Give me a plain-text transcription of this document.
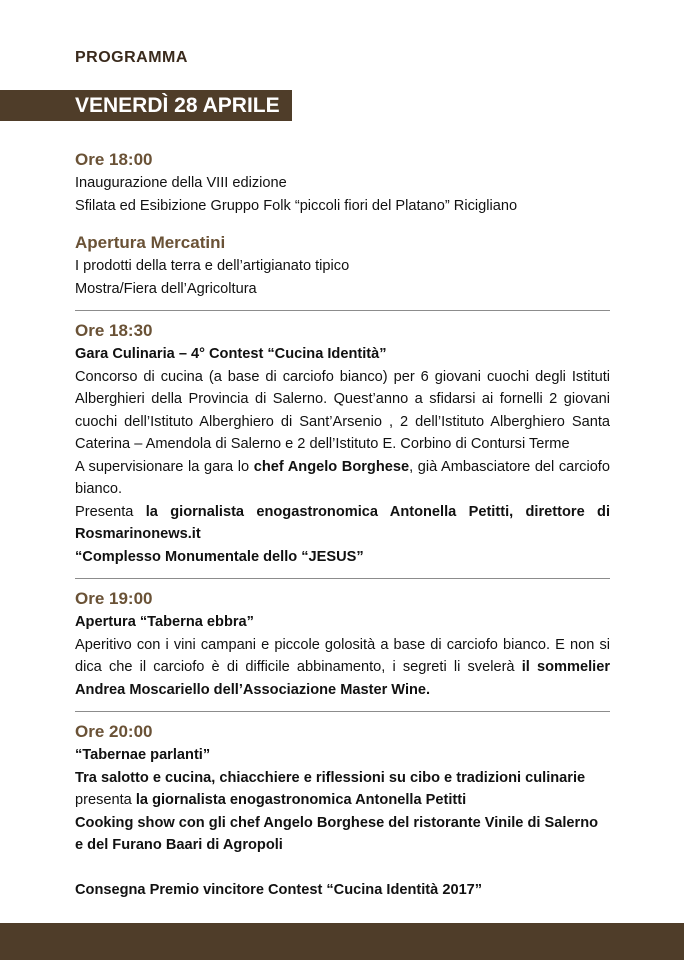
PROGRAMMA
VENERDÌ 28 APRILE
Ore 18:00

Inaugurazione della VIII edizione

Sfilata ed Esibizione Gruppo Folk “piccoli fiori del Platano” Ricigliano

Apertura Mercatini

I prodotti della terra e dell’artigianato tipico

Mostra/Fiera dell’Agricoltura

Ore 18:30

Gara Culinaria – 4° Contest “Cucina Identità”

Concorso di cucina (a base di carciofo bianco) per 6 giovani cuochi degli Istituti Alberghieri della Provincia di Salerno. Quest’anno a sfidarsi ai fornelli 2 giovani cuochi dell’Istituto Alberghiero di Sant’Arsenio , 2 dell’Istituto Alberghiero Santa Caterina – Amendola di Salerno e 2 dell’Istituto E. Corbino di Contursi Terme

A supervisionare la gara lo chef Angelo Borghese, già Ambasciatore del carciofo bianco.

Presenta la giornalista enogastronomica Antonella Petitti, direttore di Rosmarinonews.it

“Complesso Monumentale dello “JESUS”

Ore 19:00

Apertura “Taberna ebbra”

Aperitivo con i vini campani e piccole golosità a base di carciofo bianco. E non si dica che il carciofo è di difficile abbinamento, i segreti li svelerà il sommelier Andrea Moscariello dell’Associazione Master Wine.

Ore 20:00

“Tabernae parlanti”

Tra salotto e cucina, chiacchiere e riflessioni su cibo e tradizioni culinarie

presenta la giornalista enogastronomica Antonella Petitti

Cooking show con gli chef Angelo Borghese del ristorante Vinile di Salerno e del Furano Baari di Agropoli

Consegna Premio vincitore Contest “Cucina Identità 2017”
